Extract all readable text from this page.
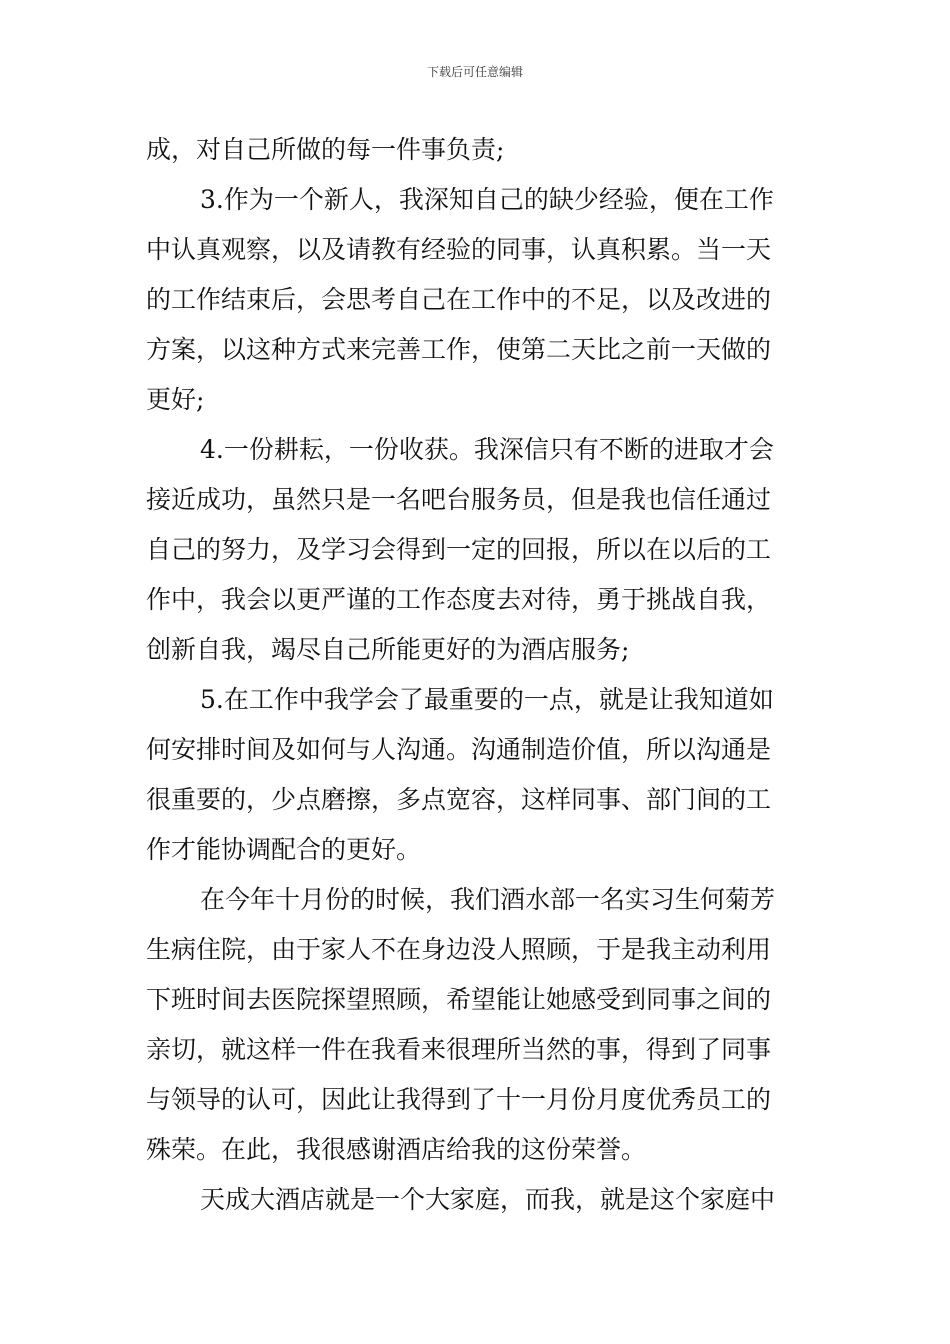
下载后可任意编辑
成，对自己所做的每一件事负责;
3.作为一个新人，我深知自己的缺少经验，便在工作
中认真观察，以及请教有经验的同事，认真积累。当一天
的工作结束后，会思考自己在工作中的不足，以及改进的
方案，以这种方式来完善工作，使第二天比之前一天做的
更好;
4.一份耕耘，一份收获。我深信只有不断的进取才会
接近成功，虽然只是一名吧台服务员，但是我也信任通过
自己的努力，及学习会得到一定的回报，所以在以后的工
作中，我会以更严谨的工作态度去对待，勇于挑战自我，
创新自我，竭尽自己所能更好的为酒店服务;
5.在工作中我学会了最重要的一点，就是让我知道如
何安排时间及如何与人沟通。沟通制造价值，所以沟通是
很重要的，少点磨擦，多点宽容，这样同事、部门间的工
作才能协调配合的更好。
在今年十月份的时候，我们酒水部一名实习生何菊芳
生病住院，由于家人不在身边没人照顾，于是我主动利用
下班时间去医院探望照顾，希望能让她感受到同事之间的
亲切，就这样一件在我看来很理所当然的事，得到了同事
与领导的认可，因此让我得到了十一月份月度优秀员工的
殊荣。在此，我很感谢酒店给我的这份荣誉。
天成大酒店就是一个大家庭，而我，就是这个家庭中
